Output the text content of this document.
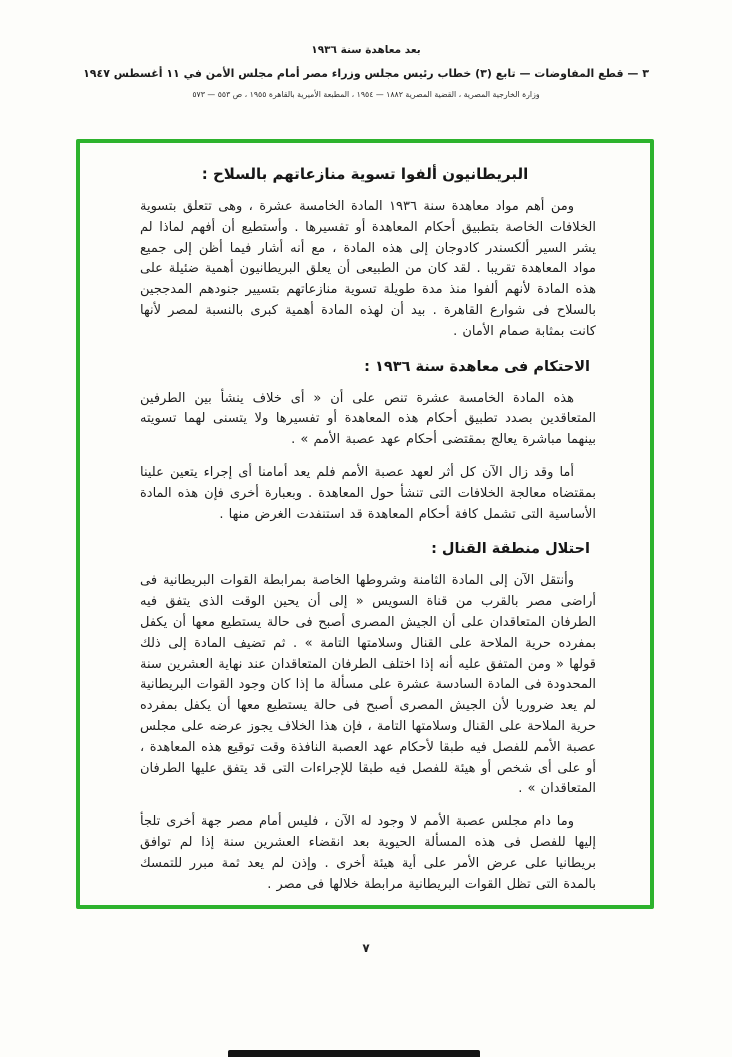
بعد معاهدة سنة ١٩٣٦
٣ — قطع المفاوضات — تابع (٣) خطاب رئيس مجلس وزراء مصر أمام مجلس الأمن في ١١ أغسطس ١٩٤٧
وزارة الخارجية المصرية ، القضية المصرية ١٨٨٢ — ١٩٥٤ ، المطبعة الأميرية بالقاهرة ١٩٥٥ ، ص ٥٥٣ — ٥٧٣
البريطانيون ألفوا تسوية منازعاتهم بالسلاح :

ومن أهم مواد معاهدة سنة ١٩٣٦ المادة الخامسة عشرة ، وهى تتعلق بتسوية الخلافات الخاصة بتطبيق أحكام المعاهدة أو تفسيرها . وأستطيع أن أفهم لماذا لم يشر السير ألكسندر كادوجان إلى هذه المادة ، مع أنه أشار فيما أظن إلى جميع مواد المعاهدة تقريبا . لقد كان من الطبيعى أن يعلق البريطانيون أهمية ضئيلة على هذه المادة لأنهم ألفوا منذ مدة طويلة تسوية منازعاتهم بتسيير جنودهم المدججين بالسلاح فى شوارع القاهرة . بيد أن لهذه المادة أهمية كبرى بالنسبة لمصر لأنها كانت بمثابة صمام الأمان .

الاحتكام فى معاهدة سنة ١٩٣٦ :

هذه المادة الخامسة عشرة تنص على أن « أى خلاف ينشأ بين الطرفين المتعاقدين بصدد تطبيق أحكام هذه المعاهدة أو تفسيرها ولا يتسنى لهما تسويته بينهما مباشرة يعالج بمقتضى أحكام عهد عصبة الأمم » .

أما وقد زال الآن كل أثر لعهد عصبة الأمم فلم يعد أمامنا أى إجراء يتعين علينا بمقتضاه معالجة الخلافات التى تنشأ حول المعاهدة . وبعبارة أخرى فإن هذه المادة الأساسية التى تشمل كافة أحكام المعاهدة قد استنفدت الغرض منها .

احتلال منطقة القنال :

وأنتقل الآن إلى المادة الثامنة وشروطها الخاصة بمرابطة القوات البريطانية فى أراضى مصر بالقرب من قناة السويس « إلى أن يحين الوقت الذى يتفق فيه الطرفان المتعاقدان على أن الجيش المصرى أصبح فى حالة يستطيع معها أن يكفل بمفرده حرية الملاحة على القنال وسلامتها التامة » . ثم تضيف المادة إلى ذلك قولها « ومن المتفق عليه أنه إذا اختلف الطرفان المتعاقدان عند نهاية العشرين سنة المحدودة فى المادة السادسة عشرة على مسألة ما إذا كان وجود القوات البريطانية لم يعد ضروريا لأن الجيش المصرى أصبح فى حالة يستطيع معها أن يكفل بمفرده حرية الملاحة على القنال وسلامتها التامة ، فإن هذا الخلاف يجوز عرضه على مجلس عصبة الأمم للفصل فيه طبقا لأحكام عهد العصبة النافذة وقت توقيع هذه المعاهدة ، أو على أى شخص أو هيئة للفصل فيه طبقا للإجراءات التى قد يتفق عليها الطرفان المتعاقدان » .

وما دام مجلس عصبة الأمم لا وجود له الآن ، فليس أمام مصر جهة أخرى تلجأ إليها للفصل فى هذه المسألة الحيوية بعد انقضاء العشرين سنة إذا لم توافق بريطانيا على عرض الأمر على أية هيئة أخرى . وإذن لم يعد ثمة مبرر للتمسك بالمدة التى تظل القوات البريطانية مرابطة خلالها فى مصر .

٧
